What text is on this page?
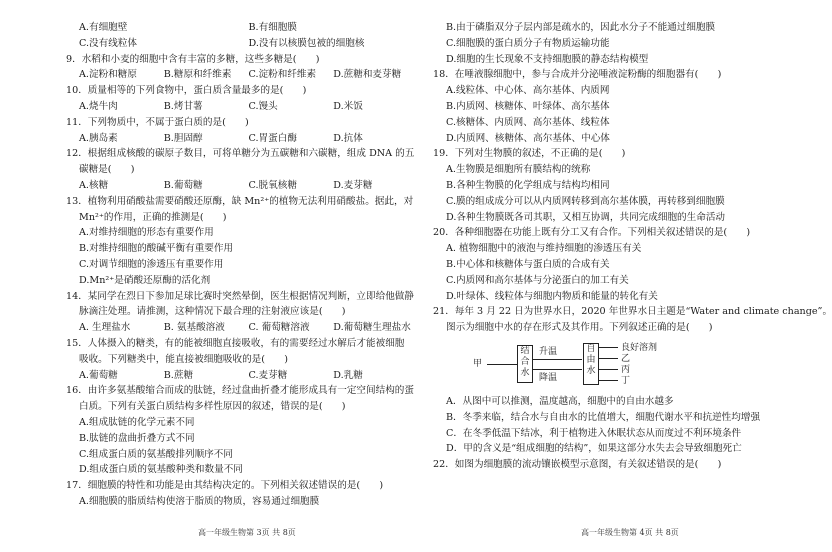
A.有细胞壁	B.有细胞膜
C.没有线粒体	D.没有以核膜包被的细胞核
9．水稻和小麦的细胞中含有丰富的多糖，这些多糖是(　　)
A.淀粉和糖原	B.糖原和纤维素	C.淀粉和纤维素	D.蔗糖和麦芽糖
10．质量相等的下列食物中，蛋白质含量最多的是(　　)
A.烧牛肉	B.烤甘薯	C.馒头	D.米饭
11．下列物质中，不属于蛋白质的是(　　)
A.胰岛素	B.胆固醇	C.胃蛋白酶	D.抗体
12．根据组成核酸的碳原子数目，可将单糖分为五碳糖和六碳糖，组成 DNA 的五
碳糖是(　　)
A.核糖	B.葡萄糖	C.脱氧核糖	D.麦芽糖
13．植物利用硝酸盐需要硝酸还原酶，缺 Mn²⁺的植物无法利用硝酸盐。据此，对
Mn²⁺的作用，正确的推测是(　　)
A.对维持细胞的形态有重要作用
B.对维持细胞的酸碱平衡有重要作用
C.对调节细胞的渗透压有重要作用
D.Mn²⁺是硝酸还原酶的活化剂
14．某同学在烈日下参加足球比赛时突然晕倒，医生根据情况判断，立即给他做静
脉滴注处理。请推测，这种情况下最合理的注射液应该是(　　)
A. 生理盐水	B. 氨基酸溶液	C. 葡萄糖溶液	D.葡萄糖生理盐水
15．人体摄入的糖类，有的能被细胞直接吸收，有的需要经过水解后才能被细胞
吸收。下列糖类中，能直接被细胞吸收的是(　　)
A.葡萄糖	B.蔗糖	C.麦芽糖	D.乳糖
16．由许多氨基酸缩合而成的肽链，经过盘曲折叠才能形成具有一定空间结构的蛋
白质。下列有关蛋白质结构多样性原因的叙述，错误的是(　　)
A.组成肽链的化学元素不同
B.肽链的盘曲折叠方式不同
C.组成蛋白质的氨基酸排列顺序不同
D.组成蛋白质的氨基酸种类和数量不同
17．细胞膜的特性和功能是由其结构决定的。下列相关叙述错误的是(　　)
A.细胞膜的脂质结构使溶于脂质的物质，容易通过细胞膜
B.由于磷脂双分子层内部是疏水的，因此水分子不能通过细胞膜
C.细胞膜的蛋白质分子有物质运输功能
D.细胞的生长现象不支持细胞膜的静态结构模型
18．在唾液腺细胞中，参与合成并分泌唾液淀粉酶的细胞器有(　　)
A.线粒体、中心体、高尔基体、内质网
B.内质网、核糖体、叶绿体、高尔基体
C.核糖体、内质网、高尔基体、线粒体
D.内质网、核糖体、高尔基体、中心体
19．下列对生物膜的叙述，不正确的是(　　)
A.生物膜是细胞所有膜结构的统称
B.各种生物膜的化学组成与结构均相同
C.膜的组成成分可以从内质网转移到高尔基体膜，再转移到细胞膜
D.各种生物膜既各司其职，又相互协调，共同完成细胞的生命活动
20．各种细胞器在功能上既有分工又有合作。下列相关叙述错误的是(　　)
A. 植物细胞中的液泡与维持细胞的渗透压有关
B.中心体和核糖体与蛋白质的合成有关
C.内质网和高尔基体与分泌蛋白的加工有关
D.叶绿体、线粒体与细胞内物质和能量的转化有关
21．每年 3 月 22 日为世界水日，2020 年世界水日主题是“Water and climate change”。
图示为细胞中水的存在形式及其作用。下列叙述正确的是(　　)
甲
结合水
升温
降温
自由水
良好溶剂
乙
丙
丁
A．从图中可以推测，温度越高，细胞中的自由水越多
B．冬季来临，结合水与自由水的比值增大，细胞代谢水平和抗逆性均增强
C．在冬季低温下结冰，利于植物进入休眠状态从而度过不利环境条件
D．甲的含义是“组成细胞的结构”，如果这部分水失去会导致细胞死亡
22．如图为细胞膜的流动镶嵌模型示意图，有关叙述错误的是(　　)
高一年级生物第 3页 共 8页	高一年级生物第 4页 共 8页
